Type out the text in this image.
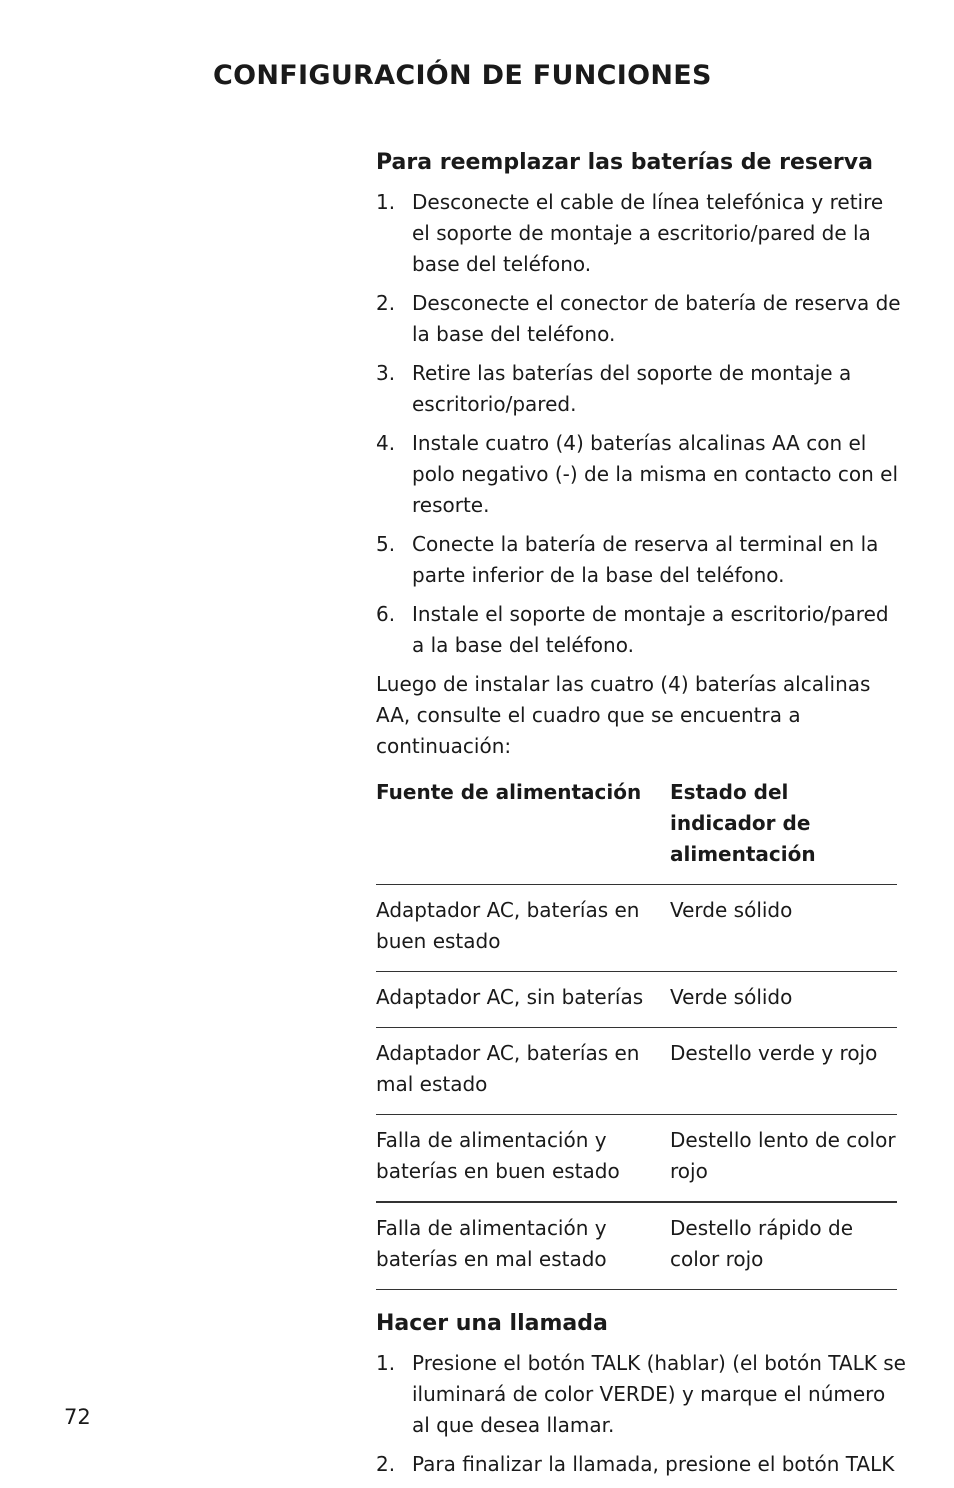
CONFIGURACIÓN DE FUNCIONES
Para reemplazar las baterías de reserva
1. Desconecte el cable de línea telefónica y retire el soporte de montaje a escritorio/pared de la base del teléfono.
2. Desconecte el conector de batería de reserva de la base del teléfono.
3. Retire las baterías del soporte de montaje a escritorio/pared.
4. Instale cuatro (4) baterías alcalinas AA con el polo negativo (-) de la misma en contacto con el resorte.
5. Conecte la batería de reserva al terminal en la parte inferior de la base del teléfono.
6. Instale el soporte de montaje a escritorio/pared a la base del teléfono.

Luego de instalar las cuatro (4) baterías alcalinas AA, consulte el cuadro que se encuentra a continuación:

Fuente de alimentación	Estado del indicador de alimentación
Adaptador AC, baterías en buen estado
Verde sólido
Adaptador AC, sin baterías	Verde sólido
Adaptador AC, baterías en mal estado
Destello verde y rojo
Falla de alimentación y baterías en buen estado
Destello lento de color rojo
Falla de alimentación y baterías en mal estado
Destello rápido de color rojo
Hacer una llamada
1. Presione el botón TALK (hablar) (el botón TALK se iluminará de color VERDE) y marque el número al que desea llamar.
2. Para finalizar la llamada, presione el botón TALK
72
